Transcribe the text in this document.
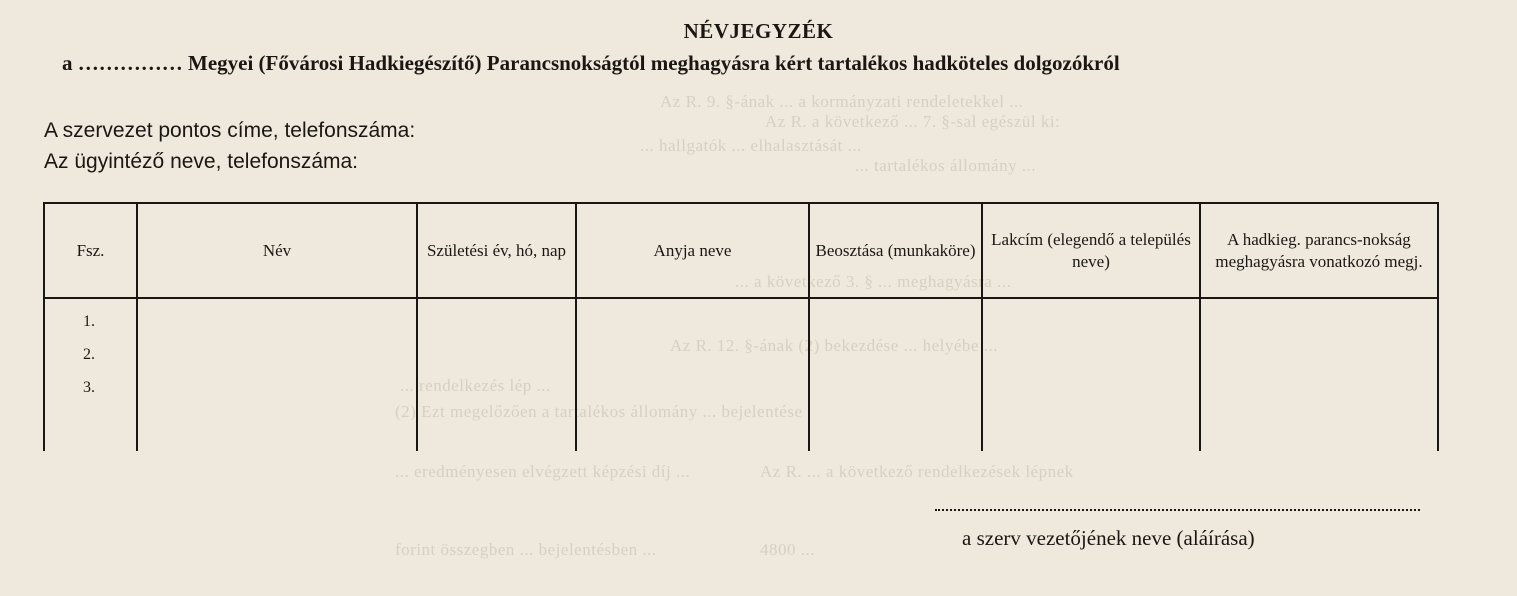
Az R. 9. §-ának ... a kormányzati rendeletekkel ...
Az R. a következő ... 7. §-sal egészül ki:
... hallgatók ... elhalasztását ...
... tartalékos állomány ...
... a következő 3. § ... meghagyásra ...
Az R. 12. §-ának (2) bekezdése ... helyébe ...
... rendelkezés lép ...
(2) Ezt megelőzően a tartalékos állomány ... bejelentése
... eredményesen elvégzett képzési díj ...	Az R. ... a következő rendelkezések lépnek
forint összegben ... bejelentésben ...	4800 ...
NÉVJEGYZÉK
a …………… Megyei (Fővárosi Hadkiegészítő) Parancsnokságtól meghagyásra kért tartalékos hadköteles dolgozókról
A szervezet pontos címe, telefonszáma:
Az ügyintéző neve, telefonszáma:
Fsz.	Név	Születési év, hó, nap	Anyja neve	Beosztása (munkaköre)	Lakcím (elegendő a település neve)	A hadkieg. parancs-nokság meghagyásra vonatkozó megj.

1.
2.
3.						

a szerv vezetőjének neve (aláírása)
